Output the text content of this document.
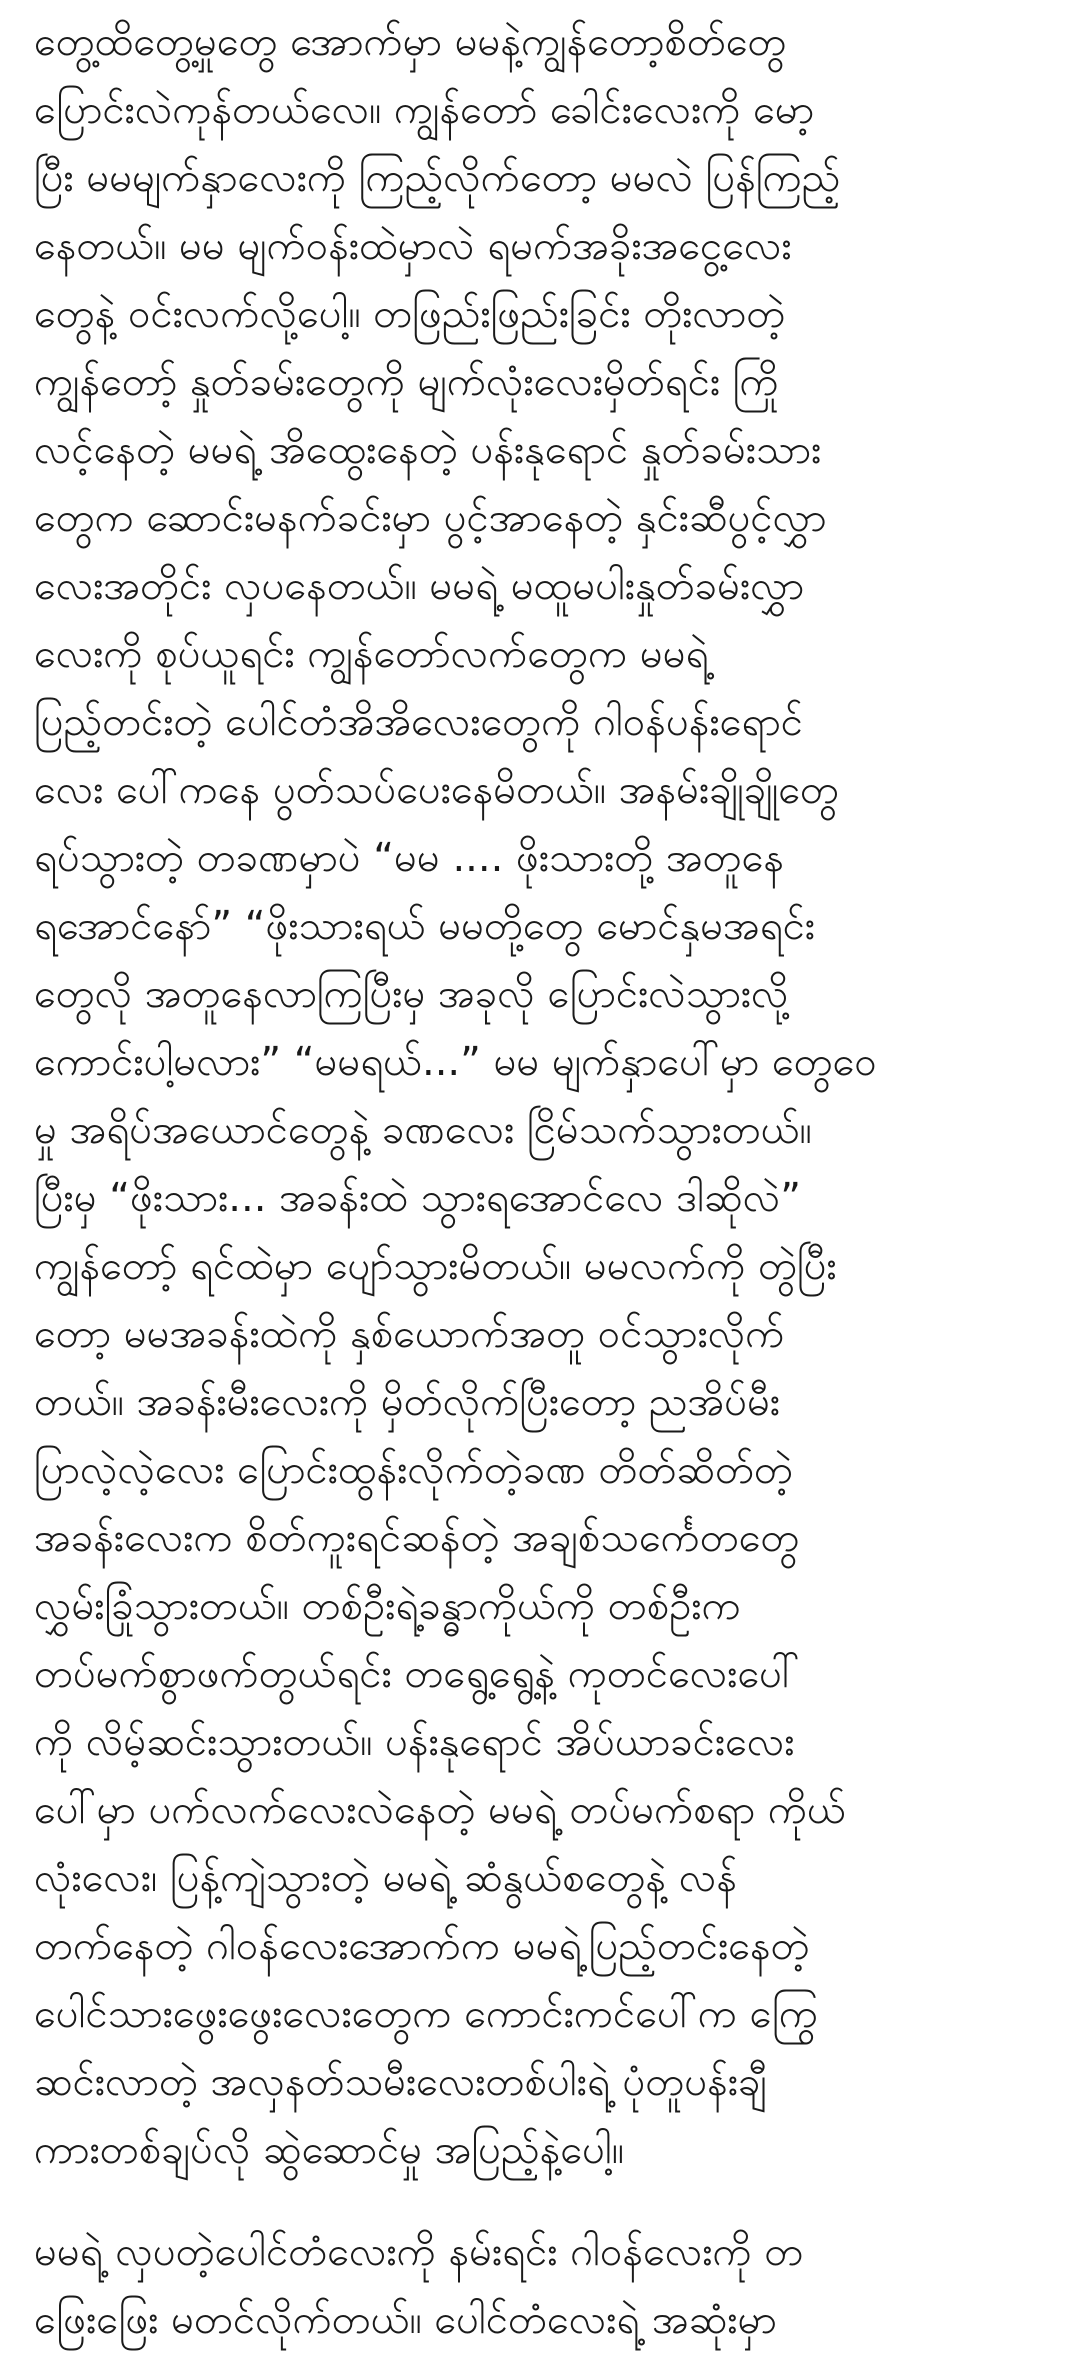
တွေ့ထိတွေ့မှုတွေ အောက်မှာ မမနဲ့ကျွန်တော့စိတ်တွေ
ပြောင်းလဲကုန်တယ်လေ။ ကျွန်တော် ခေါင်းလေးကို မော့
ပြီး မမမျက်နှာလေးကို ကြည့်လိုက်တော့ မမလဲ ပြန်ကြည့်
နေတယ်။ မမ မျက်ဝန်းထဲမှာလဲ ရမက်အခိုးအငွေ့လေး
တွေနဲ့ ဝင်းလက်လို့ပေါ့။ တဖြည်းဖြည်းခြင်း တိုးလာတဲ့
ကျွန်တော့် နှုတ်ခမ်းတွေကို မျက်လုံးလေးမှိတ်ရင်း ကြို
လင့်နေတဲ့ မမရဲ့ အိထွေးနေတဲ့ ပန်းနုရောင် နှုတ်ခမ်းသား
တွေက ဆောင်းမနက်ခင်းမှာ ပွင့်အာနေတဲ့ နှင်းဆီပွင့်လွှာ
လေးအတိုင်း လှပနေတယ်။ မမရဲ့ မထူမပါးနှုတ်ခမ်းလွှာ
လေးကို စုပ်ယူရင်း ကျွန်တော်လက်တွေက မမရဲ့
ပြည့်တင်းတဲ့ ပေါင်တံအိအိလေးတွေကို ဂါဝန်ပန်းရောင်
လေး ပေါ်ကနေ ပွတ်သပ်ပေးနေမိတယ်။ အနမ်းချိုချိုတွေ
ရပ်သွားတဲ့ တခဏမှာပဲ “မမ .... ဖိုးသားတို့ အတူနေ
ရအောင်နော်” “ဖိုးသားရယ် မမတို့တွေ မောင်နှမအရင်း
တွေလို အတူနေလာကြပြီးမှ အခုလို ပြောင်းလဲသွားလို့
ကောင်းပါ့မလား” “မမရယ်...” မမ မျက်နှာပေါ်မှာ တွေဝေ
မှု အရိပ်အယောင်တွေနဲ့ ခဏလေး ငြိမ်သက်သွားတယ်။
ပြီးမှ “ဖိုးသား... အခန်းထဲ သွားရအောင်လေ ဒါဆိုလဲ”
ကျွန်တော့် ရင်ထဲမှာ ပျော်သွားမိတယ်။ မမလက်ကို တွဲပြီး
တော့ မမအခန်းထဲကို နှစ်ယောက်အတူ ဝင်သွားလိုက်
တယ်။ အခန်းမီးလေးကို မှိတ်လိုက်ပြီးတော့ ညအိပ်မီး
ပြာလဲ့လဲ့လေး ပြောင်းထွန်းလိုက်တဲ့ခဏ တိတ်ဆိတ်တဲ့
အခန်းလေးက စိတ်ကူးရင်ဆန်တဲ့ အချစ်သင်္ကေတတွေ
လွှမ်းခြုံသွားတယ်။ တစ်ဦးရဲ့ခန္ဓာကိုယ်ကို တစ်ဦးက
တပ်မက်စွာဖက်တွယ်ရင်း တရွေ့ရွေ့နဲ့ ကုတင်လေးပေါ်
ကို လိမ့်ဆင်းသွားတယ်။ ပန်းနုရောင် အိပ်ယာခင်းလေး
ပေါ်မှာ ပက်လက်လေးလဲနေတဲ့ မမရဲ့ တပ်မက်စရာ ကိုယ်
လုံးလေး၊ ပြန့်ကျဲသွားတဲ့ မမရဲ့ ဆံနွယ်စတွေနဲ့ လန်
တက်နေတဲ့ ဂါဝန်လေးအောက်က မမရဲ့ပြည့်တင်းနေတဲ့
ပေါင်သားဖွေးဖွေးလေးတွေက ကောင်းကင်ပေါ်က ကြွေ
ဆင်းလာတဲ့ အလှနတ်သမီးလေးတစ်ပါးရဲ့ ပုံတူပန်းချီ
ကားတစ်ချပ်လို ဆွဲဆောင်မှု အပြည့်နဲ့ပေါ့။
မမရဲ့ လှပတဲ့ပေါင်တံလေးကို နမ်းရင်း ဂါဝန်လေးကို တ
ဖြေးဖြေး မတင်လိုက်တယ်။ ပေါင်တံလေးရဲ့ အဆုံးမှာ
